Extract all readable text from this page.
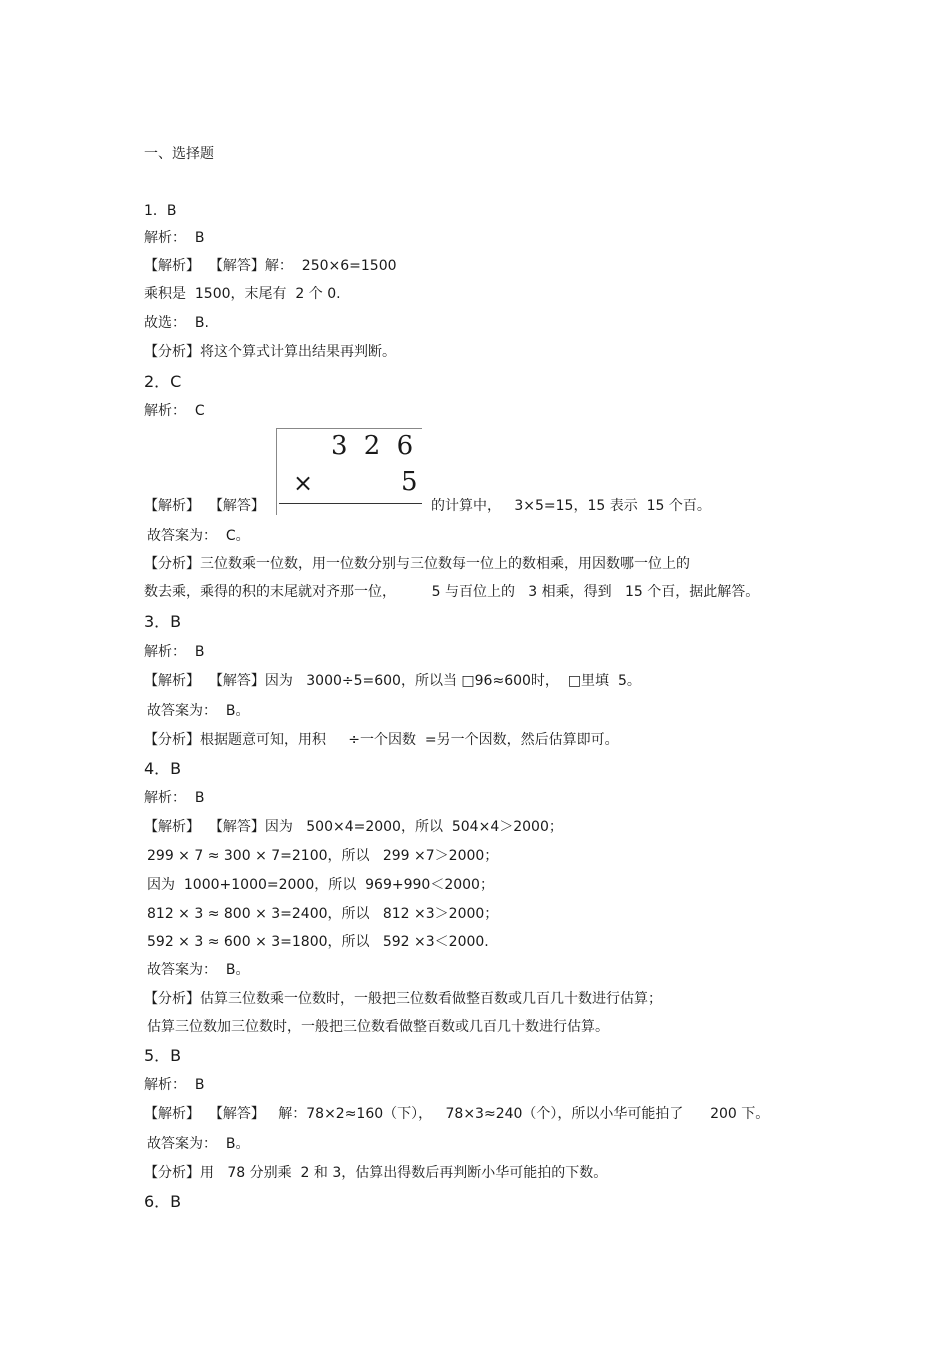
一、选择题
1．B
解析：  B
【解析】  【解答】解：  250×6=1500
乘积是  1500，末尾有  2 个 0.
故选：  B.
【分析】将这个算式计算出结果再判断。
2．C
解析：  C
3 2 6
×	5
【解析】  【解答】	的计算中，   3×5=15，15 表示  15 个百。
故答案为：  C。
【分析】三位数乘一位数，用一位数分别与三位数每一位上的数相乘，用因数哪一位上的
数去乘，乘得的积的末尾就对齐那一位，        5 与百位上的   3 相乘，得到   15 个百，据此解答。
3．B
解析：  B
【解析】  【解答】因为   3000÷5=600，所以当 □96≈600时，  □里填  5。
故答案为：  B。
【分析】根据题意可知，用积     ÷一个因数  =另一个因数，然后估算即可。
4．B
解析：  B
【解析】  【解答】因为   500×4=2000，所以  504×4＞2000；
299 × 7 ≈ 300 × 7=2100，所以   299 ×7＞2000；
因为  1000+1000=2000，所以  969+990＜2000；
812 × 3 ≈ 800 × 3=2400，所以   812 ×3＞2000；
592 × 3 ≈ 600 × 3=1800，所以   592 ×3＜2000.
故答案为：  B。
【分析】估算三位数乘一位数时，一般把三位数看做整百数或几百几十数进行估算；
估算三位数加三位数时，一般把三位数看做整百数或几百几十数进行估算。
5．B
解析：  B
【解析】  【解答】   解：78×2≈160（下），   78×3≈240（个），所以小华可能拍了      200 下。
故答案为：  B。
【分析】用   78 分别乘  2 和 3，估算出得数后再判断小华可能拍的下数。
6．B
